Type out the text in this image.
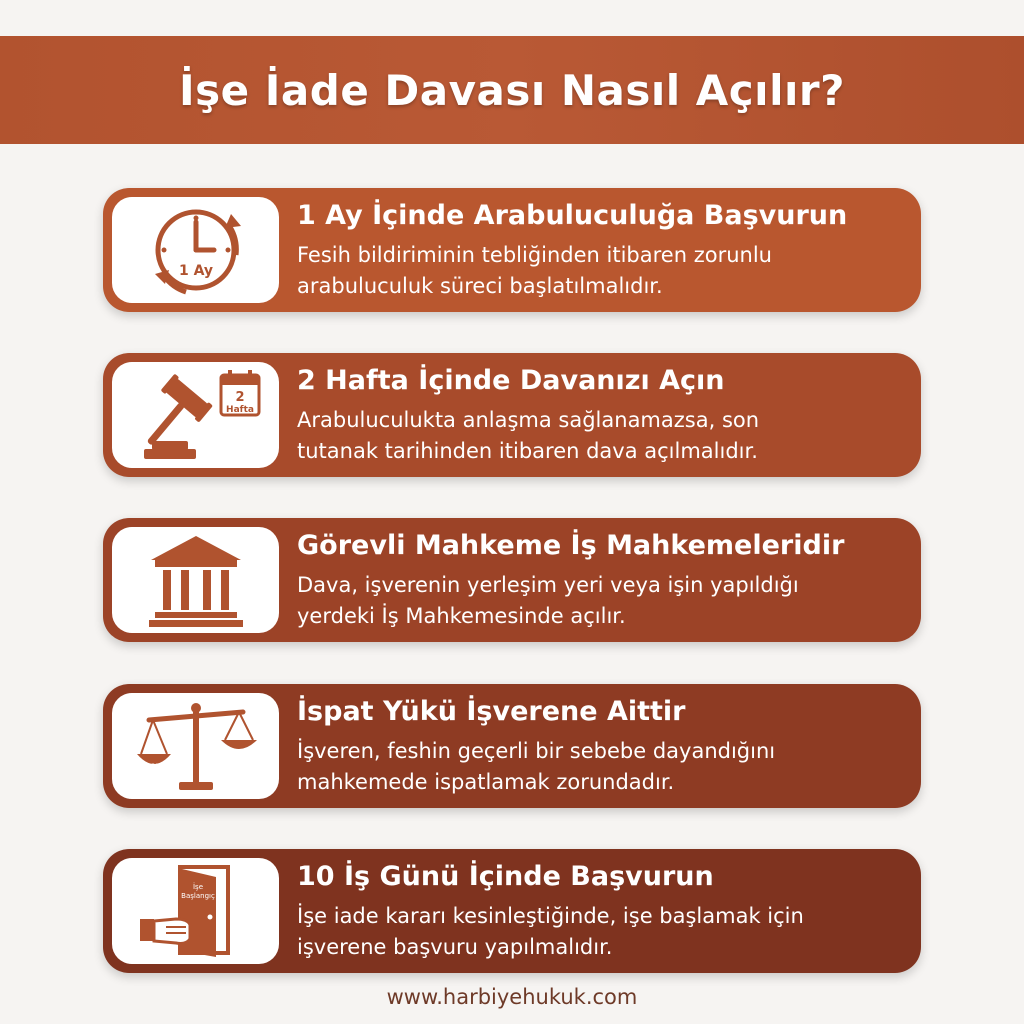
İşe İade Davası Nasıl Açılır?
1 Ay
1 Ay İçinde Arabuluculuğa Başvurun
Fesih bildiriminin tebliğinden itibaren zorunlu
arabuluculuk süreci başlatılmalıdır.
2
Hafta
2 Hafta İçinde Davanızı Açın
Arabuluculukta anlaşma sağlanamazsa, son
tutanak tarihinden itibaren dava açılmalıdır.
Görevli Mahkeme İş Mahkemeleridir
Dava, işverenin yerleşim yeri veya işin yapıldığı
yerdeki İş Mahkemesinde açılır.
İşveren
İspat Yükü İşverene Aittir
İşveren, feshin geçerli bir sebebe dayandığını
mahkemede ispatlamak zorundadır.
İşe
Başlangıç
10 İş Günü İçinde Başvurun
İşe iade kararı kesinleştiğinde, işe başlamak için
işverene başvuru yapılmalıdır.
www.harbiyehukuk.com
